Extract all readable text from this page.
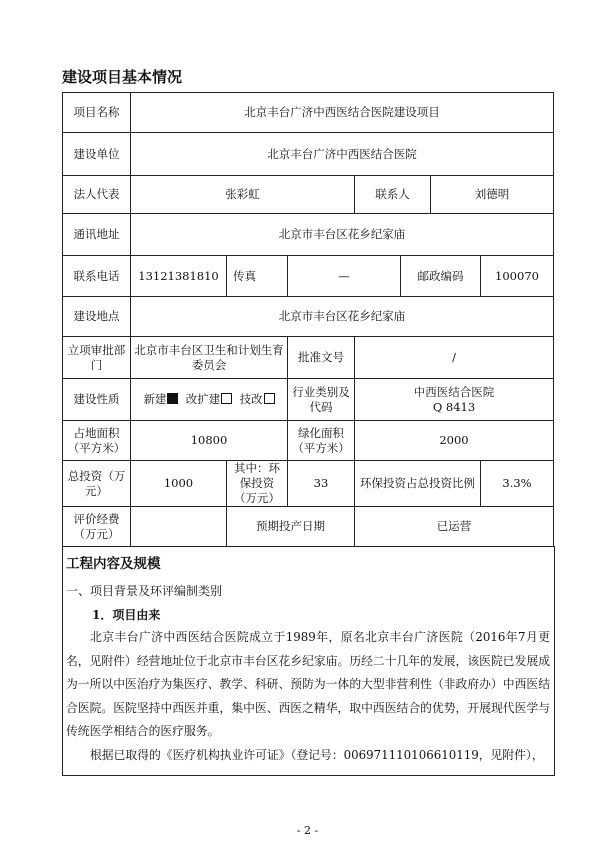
建设项目基本情况
项目名称	北京丰台广济中西医结合医院建设项目						
建设单位	北京丰台广济中西医结合医院						
法人代表	张彩虹			联系人		刘德明	
通讯地址	北京市丰台区花乡纪家庙						
联系电话	13121381810	传真	—		邮政编码		100070
建设地点	北京市丰台区花乡纪家庙						
立项审批部门	北京市丰台区卫生和计划生育委员会		批准文号	/			
建设性质	新建 改扩建 技改		行业类别及代码	中西医结合医院
Q 8413			

占地面积（平方米）	10800		绿化面积（平方米）	2000			
总投资（万元）	1000	其中：环保投资（万元）	33	环保投资占总投资比例			3.3%
评价经费（万元）		预期投产日期		已运营			
工程内容及规模
一、项目背景及环评编制类别
1．项目由来
北京丰台广济中西医结合医院成立于1989年，原名北京丰台广济医院（2016年7月更名，见附件）经营地址位于北京市丰台区花乡纪家庙。历经二十几年的发展，该医院已发展成为一所以中医治疗为集医疗、教学、科研、预防为一体的大型非营利性（非政府办）中西医结合医院。医院坚持中西医并重，集中医、西医之精华，取中西医结合的优势，开展现代医学与传统医学相结合的医疗服务。
根据已取得的《医疗机构执业许可证》（登记号：006971110106610119，见附件），
- 2 -
